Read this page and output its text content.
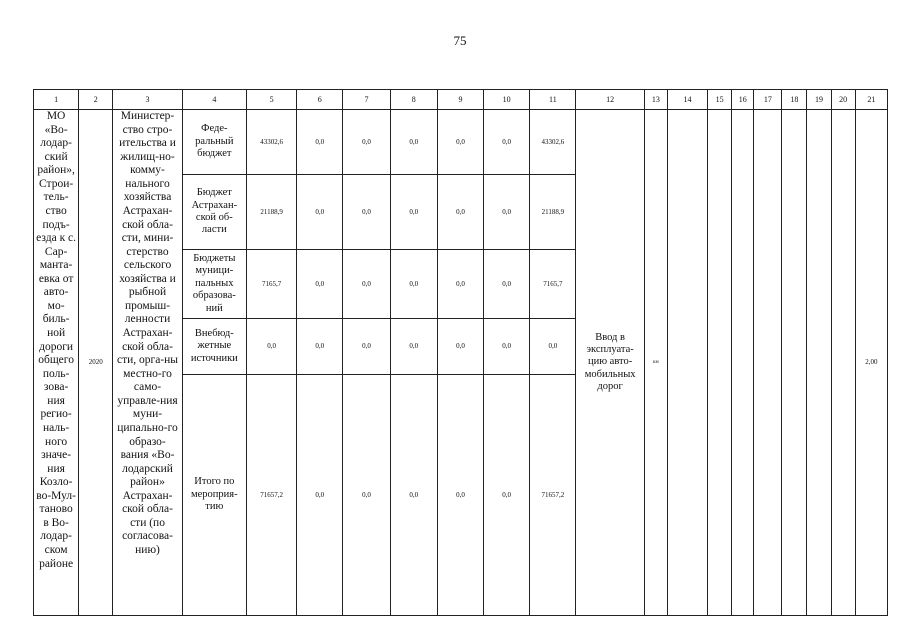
75
1	2	3	4	5	6	7	8	9	10	11	12	13	14	15	16	17	18	19	20	21
МО «Во-лодар-ский район», Строи-тель-ство подъ-езда к с. Сар-манта-евка от авто-мо-биль-ной дороги общего поль-зова-ния регио-наль-ного значе-ния Козло-во-Мул-таново в Во-лодар-ском районе	2020	Министер-ство стро-ительства и жилищ-но-комму-нального хозяйства Астрахан-ской обла-сти, мини-стерство сельского хозяйства и рыбной промыш-ленности Астрахан-ской обла-сти, орга-ны местно-го само-управле-ния муни-ципально-го образо-вания «Во-лодарский район» Астрахан-ской обла-сти (по согласова-нию)	Феде-ральный бюджет	43302,6	0,0	0,0	0,0	0,0	0,0	43302,6	Ввод в эксплуата-цию авто-мобильных дорог	км								2,00
			Бюджет Астрахан-ской об-ласти	21188,9	0,0	0,0	0,0	0,0	0,0	21188,9										
			Бюджеты муници-пальных образова-ний	7165,7	0,0	0,0	0,0	0,0	0,0	7165,7										
			Внебюд-жетные источники	0,0	0,0	0,0	0,0	0,0	0,0	0,0										
			Итого по мероприя-тию	71657,2	0,0	0,0	0,0	0,0	0,0	71657,2										
